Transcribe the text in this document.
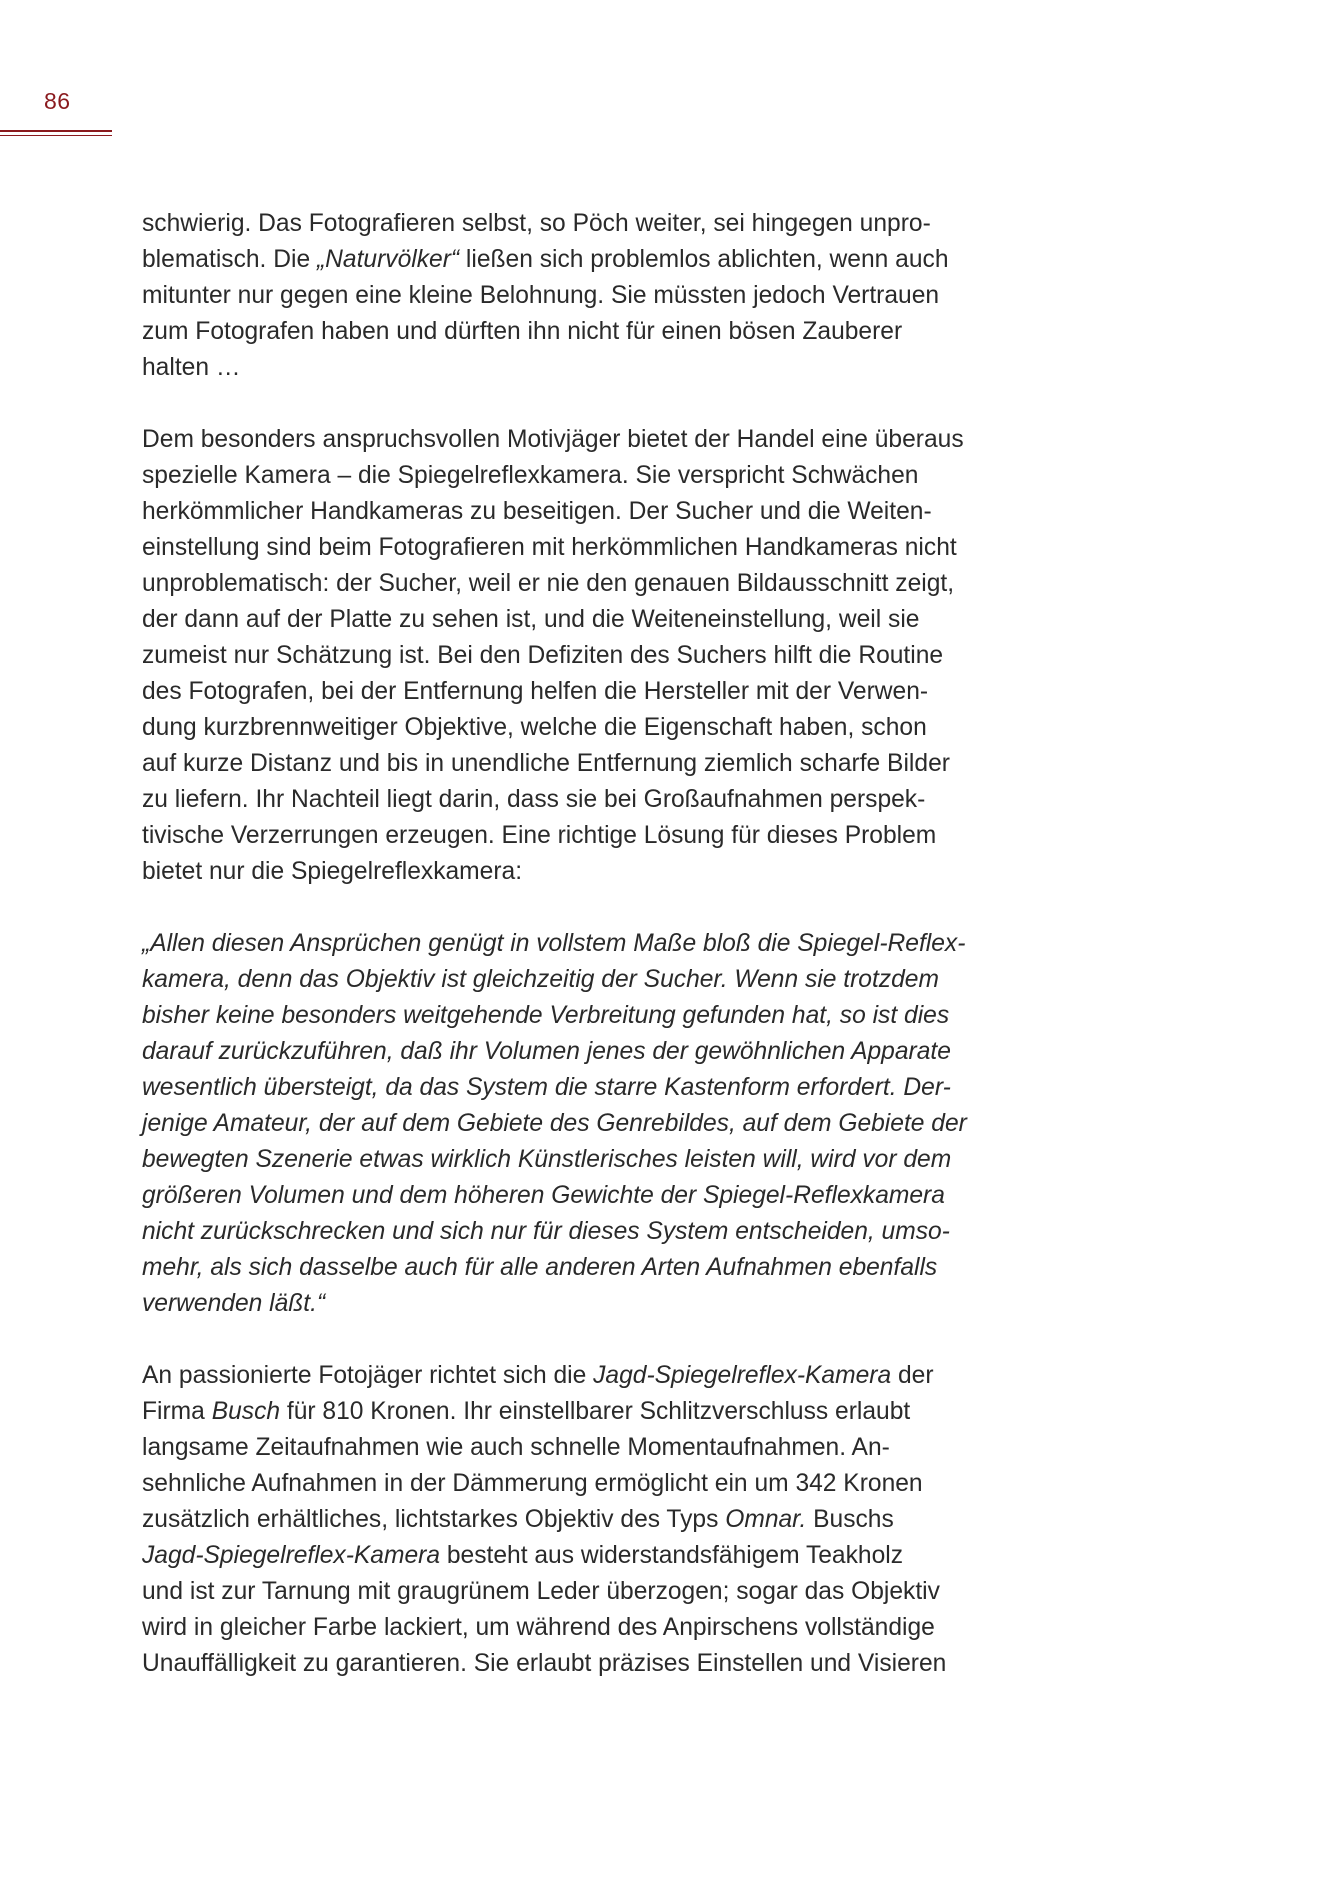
86
schwierig. Das Fotografieren selbst, so Pöch weiter, sei hingegen unpro-
blematisch. Die „Naturvölker“ ließen sich problemlos ablichten, wenn auch
mitunter nur gegen eine kleine Belohnung. Sie müssten jedoch Vertrauen
zum Fotografen haben und dürften ihn nicht für einen bösen Zauberer
halten …
Dem besonders anspruchsvollen Motivjäger bietet der Handel eine überaus
spezielle Kamera – die Spiegelreflexkamera. Sie verspricht Schwächen
herkömmlicher Handkameras zu beseitigen. Der Sucher und die Weiten-
einstellung sind beim Fotografieren mit herkömmlichen Handkameras nicht
unproblematisch: der Sucher, weil er nie den genauen Bildausschnitt zeigt,
der dann auf der Platte zu sehen ist, und die Weiteneinstellung, weil sie
zumeist nur Schätzung ist. Bei den Defiziten des Suchers hilft die Routine
des Fotografen, bei der Entfernung helfen die Hersteller mit der Verwen-
dung kurzbrennweitiger Objektive, welche die Eigenschaft haben, schon
auf kurze Distanz und bis in unendliche Entfernung ziemlich scharfe Bilder
zu liefern. Ihr Nachteil liegt darin, dass sie bei Großaufnahmen perspek-
tivische Verzerrungen erzeugen. Eine richtige Lösung für dieses Problem
bietet nur die Spiegelreflexkamera:
„Allen diesen Ansprüchen genügt in vollstem Maße bloß die Spiegel-Reflex-
kamera, denn das Objektiv ist gleichzeitig der Sucher. Wenn sie trotzdem
bisher keine besonders weitgehende Verbreitung gefunden hat, so ist dies
darauf zurückzuführen, daß ihr Volumen jenes der gewöhnlichen Apparate
wesentlich übersteigt, da das System die starre Kastenform erfordert. Der-
jenige Amateur, der auf dem Gebiete des Genrebildes, auf dem Gebiete der
bewegten Szenerie etwas wirklich Künstlerisches leisten will, wird vor dem
größeren Volumen und dem höheren Gewichte der Spiegel-Reflexkamera
nicht zurückschrecken und sich nur für dieses System entscheiden, umso-
mehr, als sich dasselbe auch für alle anderen Arten Aufnahmen ebenfalls
verwenden läßt.“
An passionierte Fotojäger richtet sich die Jagd-Spiegelreflex-Kamera der
Firma Busch für 810 Kronen. Ihr einstellbarer Schlitzverschluss erlaubt
langsame Zeitaufnahmen wie auch schnelle Momentaufnahmen. An-
sehnliche Aufnahmen in der Dämmerung ermöglicht ein um 342 Kronen
zusätzlich erhältliches, lichtstarkes Objektiv des Typs Omnar. Buschs
Jagd-Spiegelreflex-Kamera besteht aus widerstandsfähigem Teakholz
und ist zur Tarnung mit graugrünem Leder überzogen; sogar das Objektiv
wird in gleicher Farbe lackiert, um während des Anpirschens vollständige
Unauffälligkeit zu garantieren. Sie erlaubt präzises Einstellen und Visieren
